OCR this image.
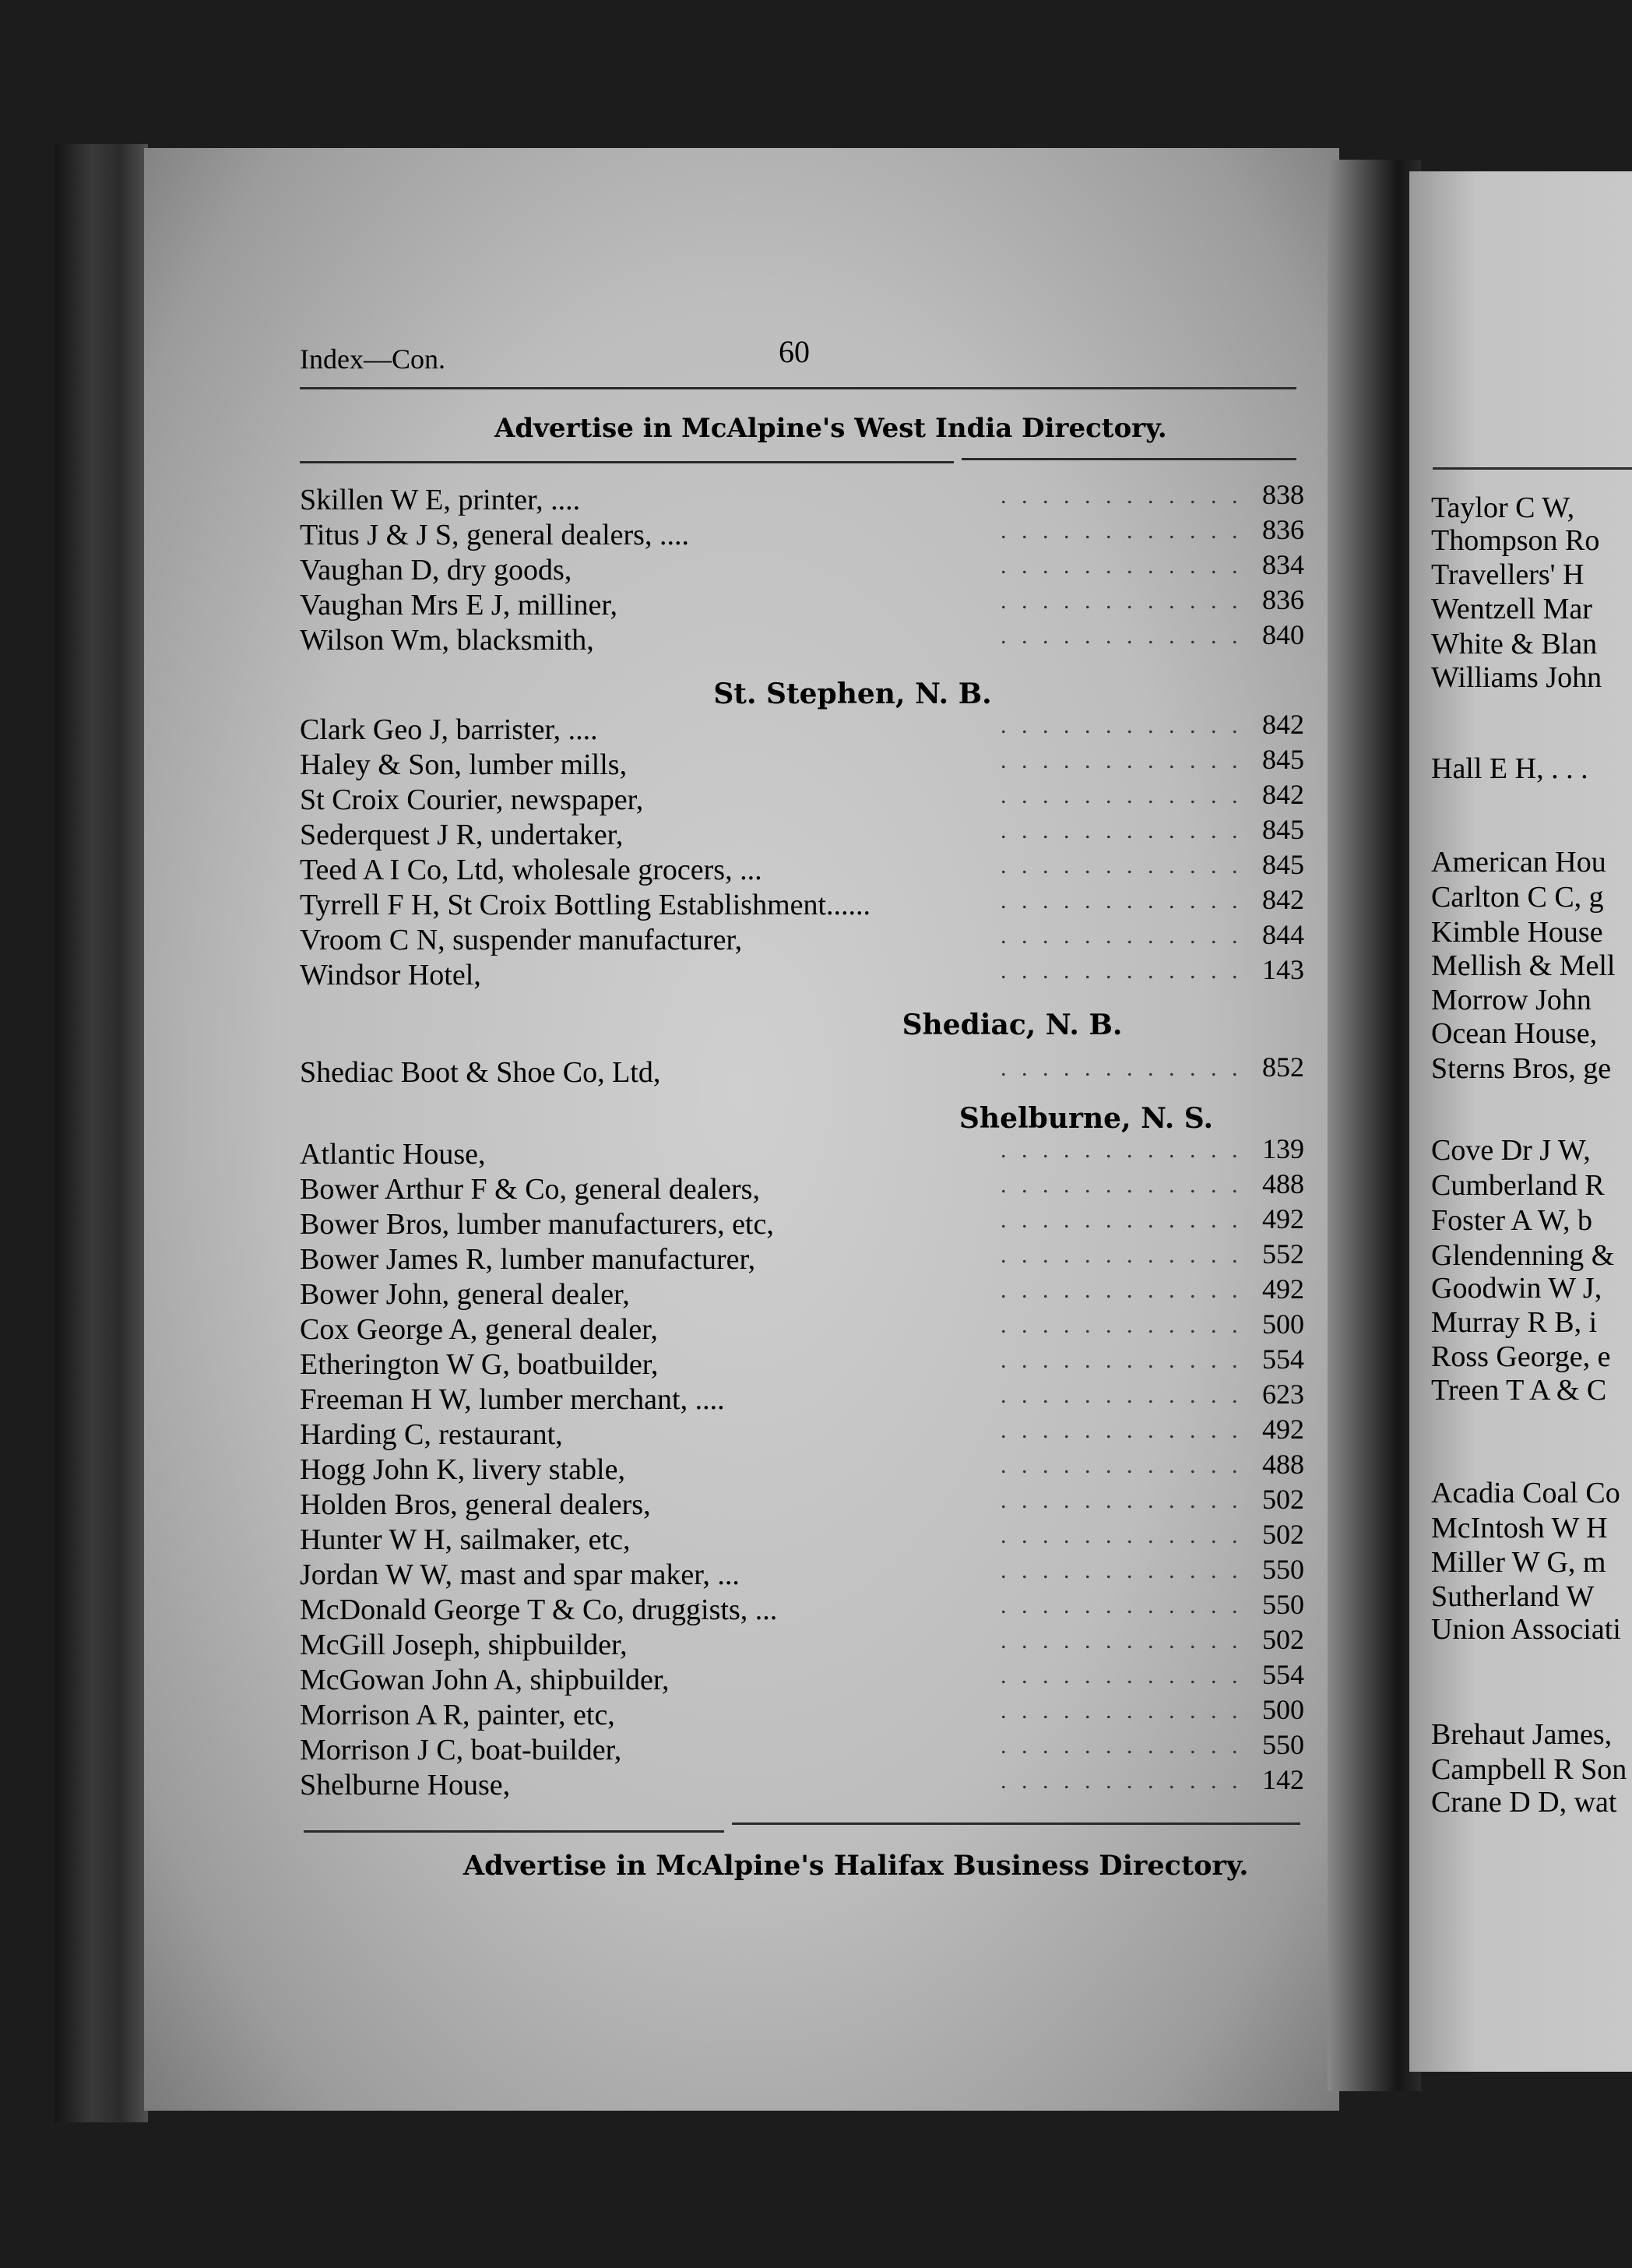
Index—Con.	60
Advertise in McAlpine's West India Directory.
Skillen W E, printer, ....	. . . . . . . . . . . . 838
Titus J & J S, general dealers, ....	. . . . . . . . . . . . 836
Vaughan D, dry goods,	. . . . . . . . . . . . 834
Vaughan Mrs E J, milliner,	. . . . . . . . . . . . 836
Wilson Wm, blacksmith,	. . . . . . . . . . . . 840
St. Stephen, N. B.
Clark Geo J, barrister, ....	. . . . . . . . . . . . 842
Haley & Son, lumber mills,	. . . . . . . . . . . . 845
St Croix Courier, newspaper,	. . . . . . . . . . . . 842
Sederquest J R, undertaker,	. . . . . . . . . . . . 845
Teed A I Co, Ltd, wholesale grocers, ...	. . . . . . . . . . . . 845
Tyrrell F H, St Croix Bottling Establishment......	. . . . . . . . . . . . 842
Vroom C N, suspender manufacturer,	. . . . . . . . . . . . 844
Windsor Hotel,	. . . . . . . . . . . . 143
Shediac, N. B.
Shediac Boot & Shoe Co, Ltd,	. . . . . . . . . . . . 852
Shelburne, N. S.
Atlantic House,	. . . . . . . . . . . . 139
Bower Arthur F & Co, general dealers,	. . . . . . . . . . . . 488
Bower Bros, lumber manufacturers, etc,	. . . . . . . . . . . . 492
Bower James R, lumber manufacturer,	. . . . . . . . . . . . 552
Bower John, general dealer,	. . . . . . . . . . . . 492
Cox George A, general dealer,	. . . . . . . . . . . . 500
Etherington W G, boatbuilder,	. . . . . . . . . . . . 554
Freeman H W, lumber merchant, ....	. . . . . . . . . . . . 623
Harding C, restaurant,	. . . . . . . . . . . . 492
Hogg John K, livery stable,	. . . . . . . . . . . . 488
Holden Bros, general dealers,	. . . . . . . . . . . . 502
Hunter W H, sailmaker, etc,	. . . . . . . . . . . . 502
Jordan W W, mast and spar maker, ...	. . . . . . . . . . . . 550
McDonald George T & Co, druggists, ...	. . . . . . . . . . . . 550
McGill Joseph, shipbuilder,	. . . . . . . . . . . . 502
McGowan John A, shipbuilder,	. . . . . . . . . . . . 554
Morrison A R, painter, etc,	. . . . . . . . . . . . 500
Morrison J C, boat-builder,	. . . . . . . . . . . . 550
Shelburne House,	. . . . . . . . . . . . 142
Advertise in McAlpine's Halifax Business Directory.
Taylor C W,
Thompson Ro
Travellers' H
Wentzell Mar
White & Blan
Williams John
Hall E H, . . .
American Hou
Carlton C C, g
Kimble House
Mellish & Mell
Morrow John
Ocean House,
Sterns Bros, ge
Cove Dr J W,
Cumberland R
Foster A W, b
Glendenning &
Goodwin W J,
Murray R B, i
Ross George, e
Treen T A & C
Acadia Coal Co
McIntosh W H
Miller W G, m
Sutherland W
Union Associati
Brehaut James,
Campbell R Son
Crane D D, wat
